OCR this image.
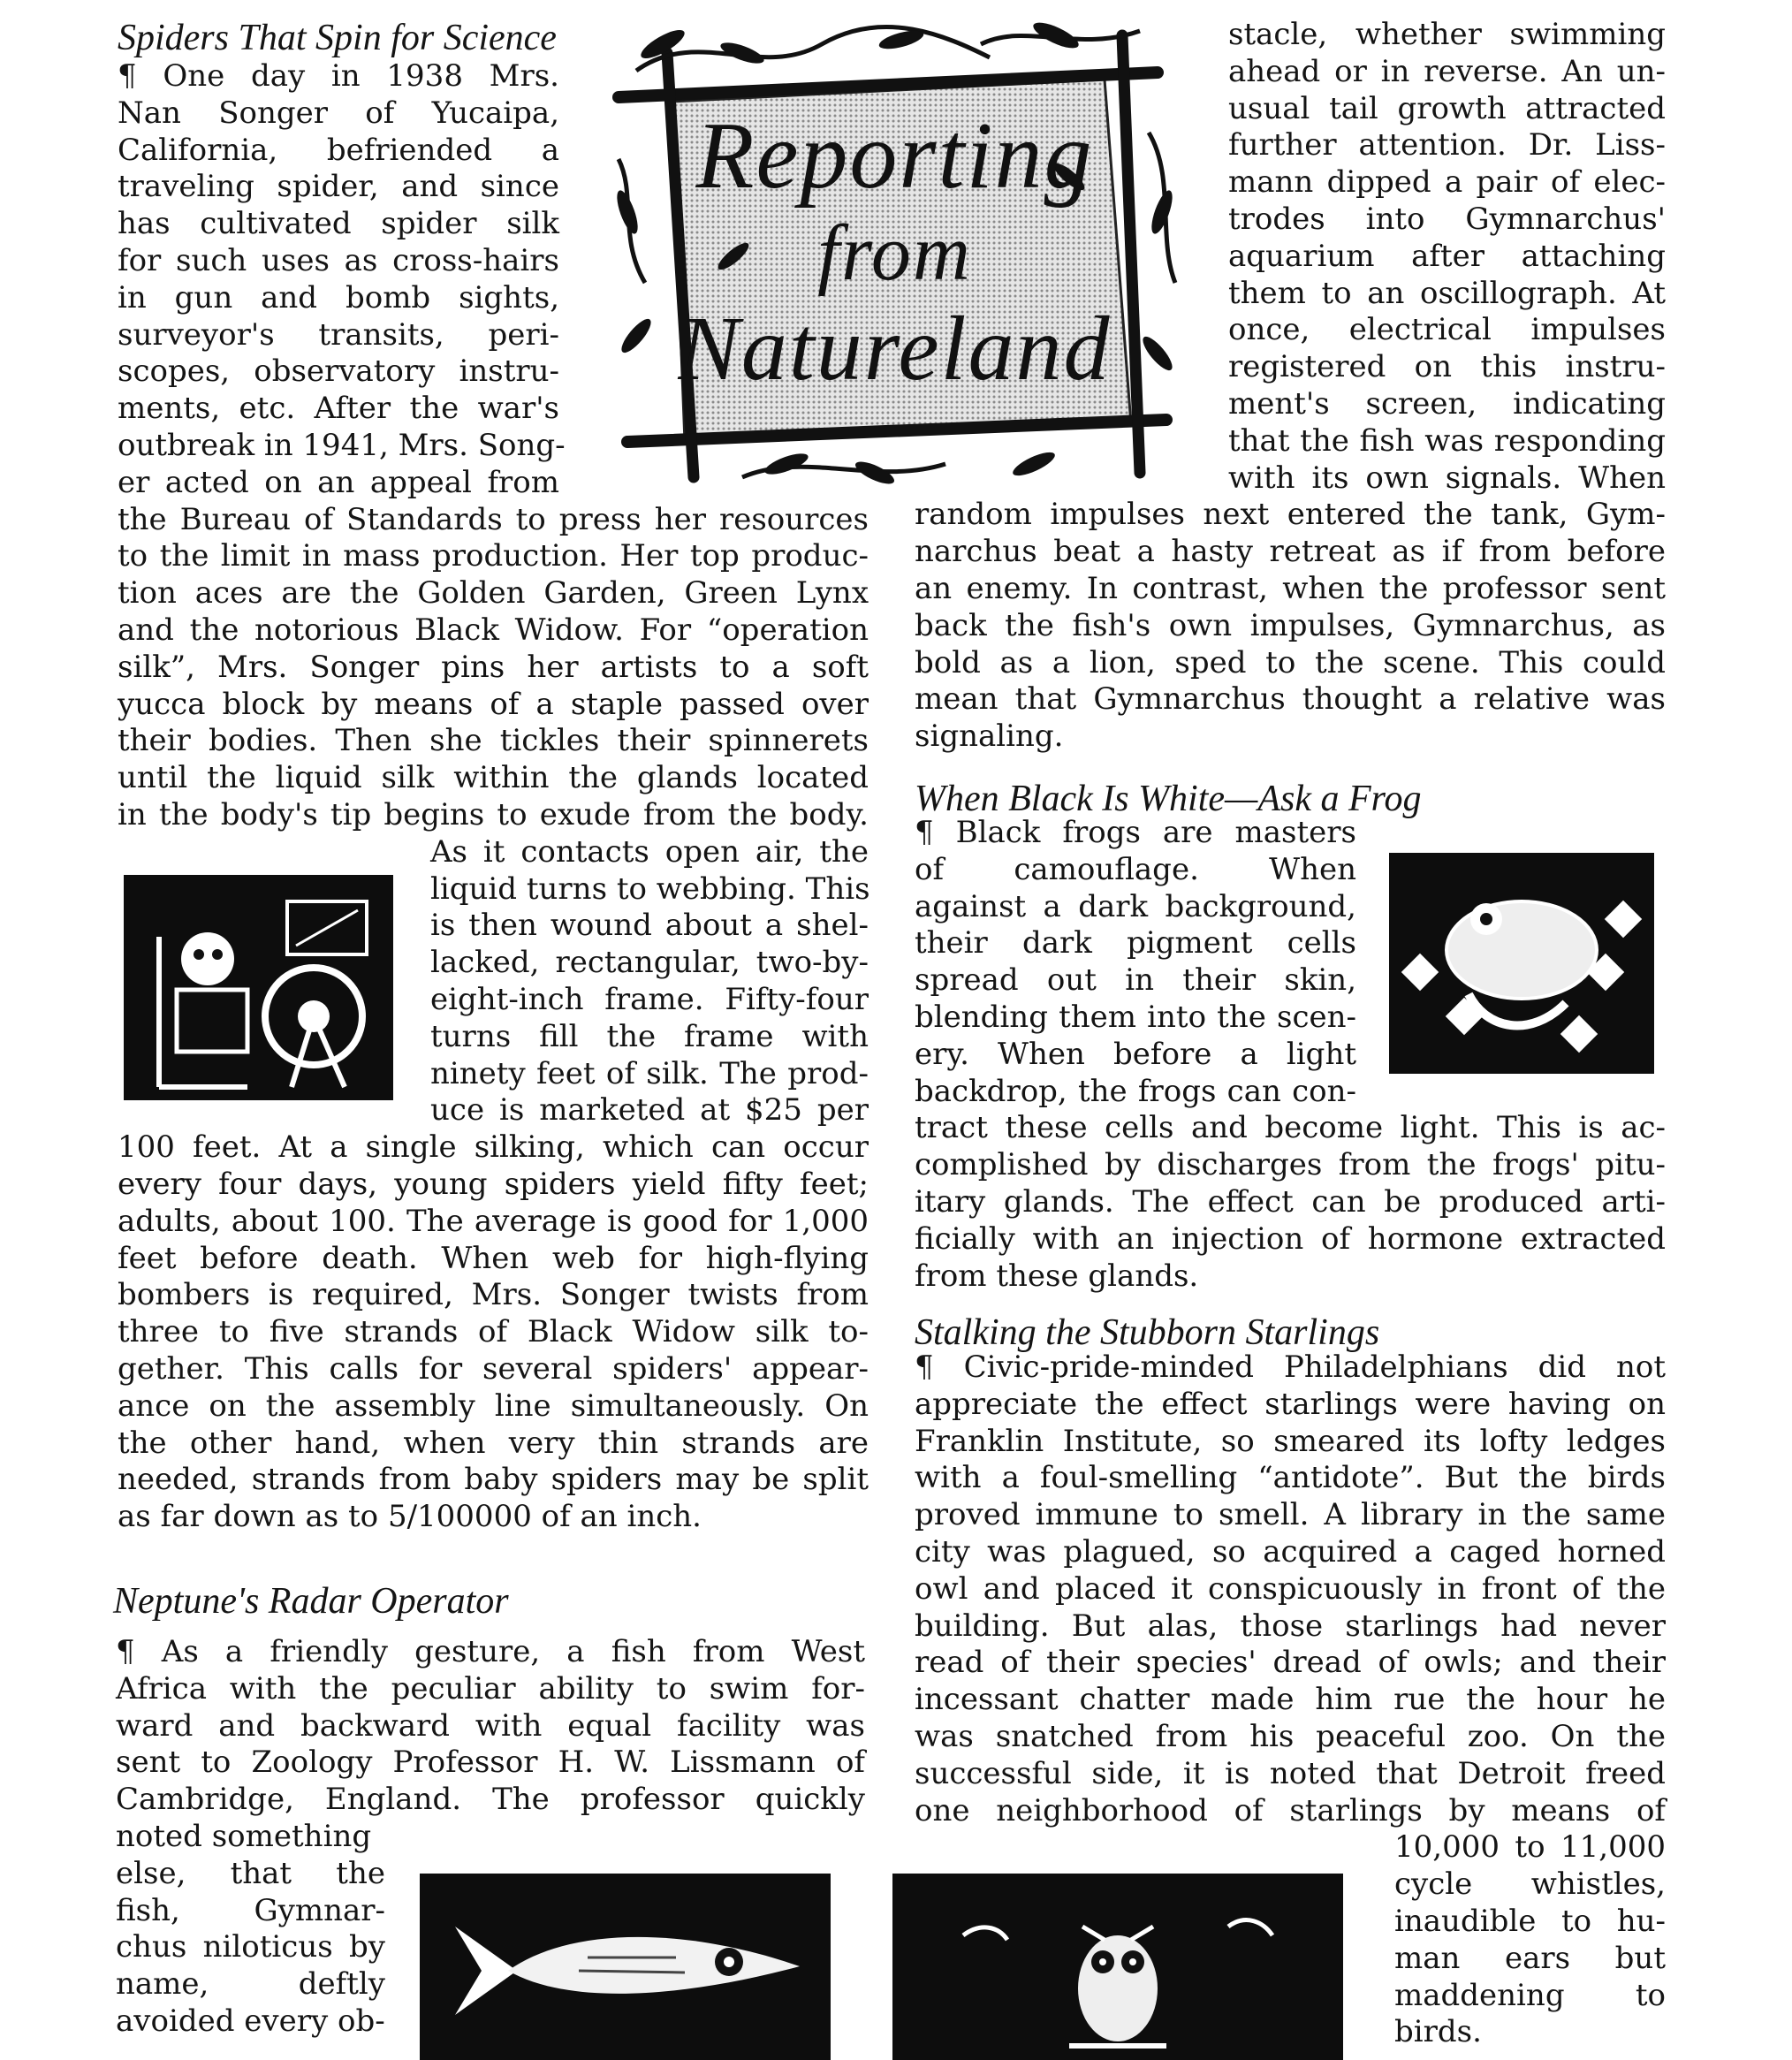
Reporting
from
Natureland
Spiders That Spin for Science
¶ One day in 1938 Mrs.
Nan Songer of Yucaipa,
California, befriended a
traveling spider, and since
has cultivated spider silk
for such uses as cross-hairs
in gun and bomb sights,
surveyor's transits, peri-
scopes, observatory instru-
ments, etc. After the war's
outbreak in 1941, Mrs. Song-
er acted on an appeal from
the Bureau of Standards to press her resources
to the limit in mass production. Her top produc-
tion aces are the Golden Garden, Green Lynx
and the notorious Black Widow. For “operation
silk”, Mrs. Songer pins her artists to a soft
yucca block by means of a staple passed over
their bodies. Then she tickles their spinnerets
until the liquid silk within the glands located
in the body's tip begins to exude from the body.
As it contacts open air, the
liquid turns to webbing. This
is then wound about a shel-
lacked, rectangular, two-by-
eight-inch frame. Fifty-four
turns fill the frame with
ninety feet of silk. The prod-
uce is marketed at $25 per
100 feet. At a single silking, which can occur
every four days, young spiders yield fifty feet;
adults, about 100. The average is good for 1,000
feet before death. When web for high-flying
bombers is required, Mrs. Songer twists from
three to five strands of Black Widow silk to-
gether. This calls for several spiders' appear-
ance on the assembly line simultaneously. On
the other hand, when very thin strands are
needed, strands from baby spiders may be split
as far down as to 5/100000 of an inch.
Neptune's Radar Operator
¶ As a friendly gesture, a fish from West
Africa with the peculiar ability to swim for-
ward and backward with equal facility was
sent to Zoology Professor H. W. Lissmann of
Cambridge, England. The professor quickly
noted something
else, that the
fish, Gymnar-
chus niloticus by
name, deftly
avoided every ob-
stacle, whether swimming
ahead or in reverse. An un-
usual tail growth attracted
further attention. Dr. Liss-
mann dipped a pair of elec-
trodes into Gymnarchus'
aquarium after attaching
them to an oscillograph. At
once, electrical impulses
registered on this instru-
ment's screen, indicating
that the fish was responding
with its own signals. When
random impulses next entered the tank, Gym-
narchus beat a hasty retreat as if from before
an enemy. In contrast, when the professor sent
back the fish's own impulses, Gymnarchus, as
bold as a lion, sped to the scene. This could
mean that Gymnarchus thought a relative was
signaling.
When Black Is White—Ask a Frog
¶ Black frogs are masters
of camouflage. When
against a dark background,
their dark pigment cells
spread out in their skin,
blending them into the scen-
ery. When before a light
backdrop, the frogs can con-
tract these cells and become light. This is ac-
complished by discharges from the frogs' pitu-
itary glands. The effect can be produced arti-
ficially with an injection of hormone extracted
from these glands.
Stalking the Stubborn Starlings
¶ Civic-pride-minded Philadelphians did not
appreciate the effect starlings were having on
Franklin Institute, so smeared its lofty ledges
with a foul-smelling “antidote”. But the birds
proved immune to smell. A library in the same
city was plagued, so acquired a caged horned
owl and placed it conspicuously in front of the
building. But alas, those starlings had never
read of their species' dread of owls; and their
incessant chatter made him rue the hour he
was snatched from his peaceful zoo. On the
successful side, it is noted that Detroit freed
one neighborhood of starlings by means of
10,000 to 11,000
cycle whistles,
inaudible to hu-
man ears but
maddening to
birds.
